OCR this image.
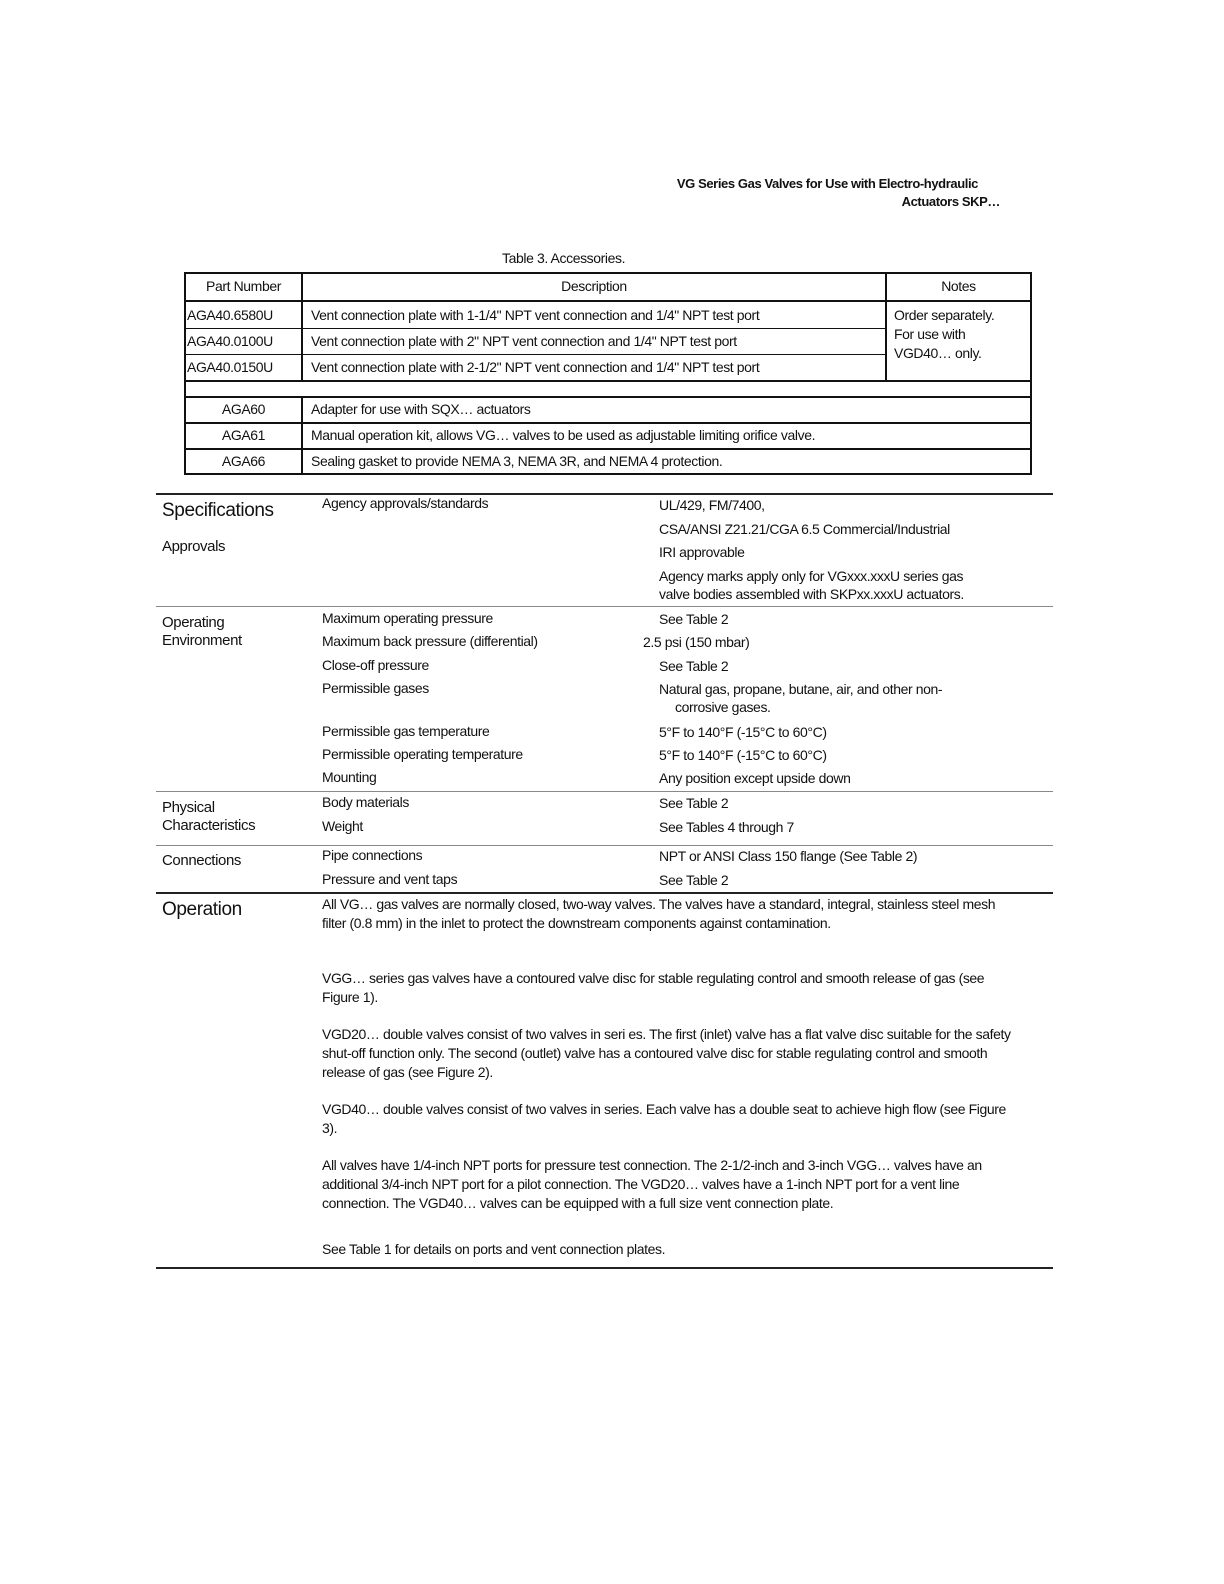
VG Series Gas Valves for Use with Electro-hydraulic
Actuators SKP…
Table 3. Accessories.
Part Number	Description	Notes
AGA40.6580U	Vent connection plate with 1-1/4" NPT vent connection and 1/4" NPT test port
AGA40.0100U	Vent connection plate with 2" NPT vent connection and 1/4" NPT test port
AGA40.0150U	Vent connection plate with 2-1/2" NPT vent connection and 1/4" NPT test port
Order separately.
For use with
VGD40… only.
AGA60	Adapter for use with SQX… actuators
AGA61	Manual operation kit, allows VG… valves to be used as adjustable limiting orifice valve.
AGA66	Sealing gasket to provide NEMA 3, NEMA 3R, and NEMA 4 protection.
Specifications
Approvals
Agency approvals/standards	UL/429, FM/7400,
CSA/ANSI Z21.21/CGA 6.5 Commercial/Industrial
IRI approvable
Agency marks apply only for VGxxx.xxxU series gas
valve bodies assembled with SKPxx.xxxU actuators.
Operating
Environment
Maximum operating pressure	See Table 2
Maximum back pressure (differential)	2.5 psi (150 mbar)
Close-off pressure	See Table 2
Permissible gases	Natural gas, propane, butane, air, and other non-
corrosive gases.
Permissible gas temperature	5°F to 140°F (-15°C to 60°C)
Permissible operating temperature	5°F to 140°F (-15°C to 60°C)
Mounting	Any position except upside down
Physical
Characteristics
Body materials	See Table 2
Weight	See Tables 4 through 7
Connections	Pipe connections	NPT or ANSI Class 150 flange (See Table 2)
Pressure and vent taps	See Table 2
Operation	All VG… gas valves are normally closed, two-way valves. The valves have a standard, integral, stainless steel mesh filter (0.8 mm) in the inlet to protect the downstream components against contamination.
VGG… series gas valves have a contoured valve disc for stable regulating control and smooth release of gas (see Figure 1).
VGD20… double valves consist of two valves in seri es. The first (inlet) valve has a flat valve disc suitable for the safety shut-off function only. The second (outlet) valve has a contoured valve disc for stable regulating control and smooth release of gas (see Figure 2).
VGD40… double valves consist of two valves in series. Each valve has a double seat to achieve high flow (see Figure 3).
All valves have 1/4-inch NPT ports for pressure test connection. The 2-1/2-inch and 3-inch VGG… valves have an additional 3/4-inch NPT port for a pilot connection. The VGD20… valves have a 1-inch NPT port for a vent line connection. The VGD40… valves can be equipped with a full size vent connection plate.
See Table 1 for details on ports and vent connection plates.
